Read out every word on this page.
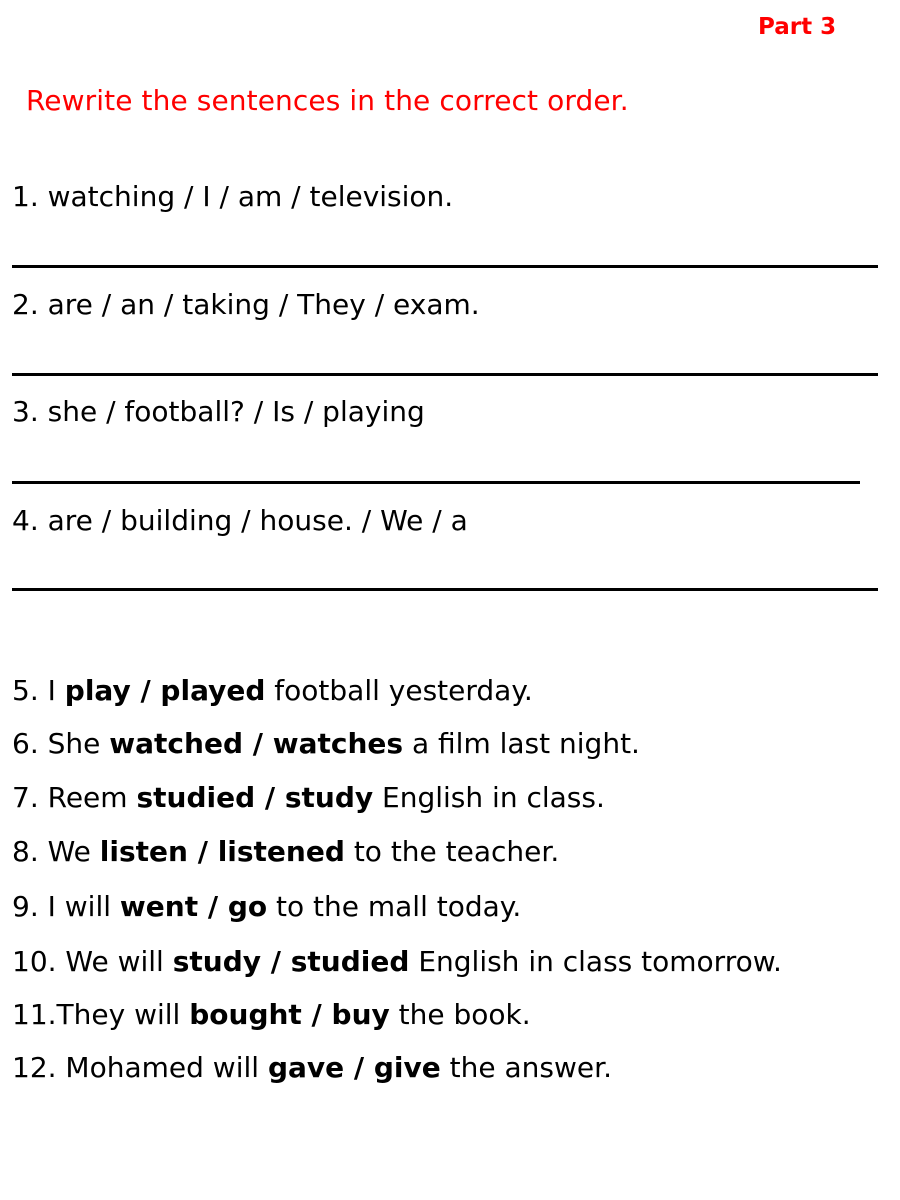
Part 3
Rewrite the sentences in the correct order.
1. watching / I / am / television.
2. are / an / taking / They / exam.
3. she / football? / Is / playing
4. are / building / house. / We / a
5. I play / played football yesterday.
6. She watched / watches a film last night.
7. Reem studied / study English in class.
8. We listen / listened to the teacher.
9. I will went / go to the mall today.
10. We will study / studied English in class tomorrow.
11.They will bought / buy the book.
12. Mohamed will gave / give the answer.
